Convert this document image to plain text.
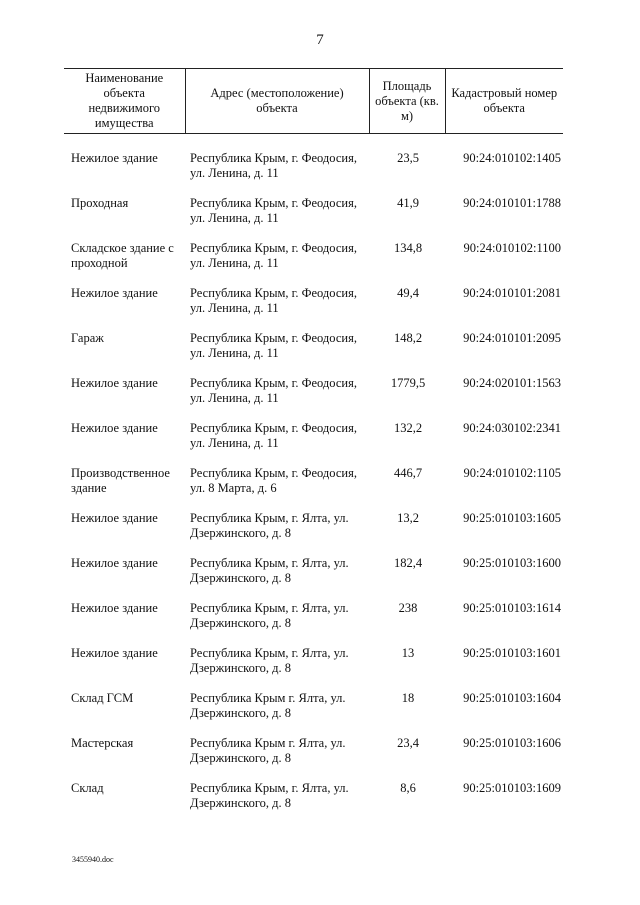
7
Наименование объекта недвижимого имущества	Адрес (местоположение) объекта	Площадь объекта (кв. м)	Кадастровый номер объекта
Нежилое здание	Республика Крым, г. Феодосия, ул. Ленина, д. 11	23,5	90:24:010102:1405
Проходная	Республика Крым, г. Феодосия, ул. Ленина, д. 11	41,9	90:24:010101:1788
Складское здание с проходной	Республика Крым, г. Феодосия, ул. Ленина, д. 11	134,8	90:24:010102:1100
Нежилое здание	Республика Крым, г. Феодосия, ул. Ленина, д. 11	49,4	90:24:010101:2081
Гараж	Республика Крым, г. Феодосия, ул. Ленина, д. 11	148,2	90:24:010101:2095
Нежилое здание	Республика Крым, г. Феодосия, ул. Ленина, д. 11	1779,5	90:24:020101:1563
Нежилое здание	Республика Крым, г. Феодосия, ул. Ленина, д. 11	132,2	90:24:030102:2341
Производственное здание	Республика Крым, г. Феодосия, ул. 8 Марта, д. 6	446,7	90:24:010102:1105
Нежилое здание	Республика Крым, г. Ялта, ул. Дзержинского, д. 8	13,2	90:25:010103:1605
Нежилое здание	Республика Крым, г. Ялта, ул. Дзержинского, д. 8	182,4	90:25:010103:1600
Нежилое здание	Республика Крым, г. Ялта, ул. Дзержинского, д. 8	238	90:25:010103:1614
Нежилое здание	Республика Крым, г. Ялта, ул. Дзержинского, д. 8	13	90:25:010103:1601
Склад ГСМ	Республика Крым г. Ялта, ул. Дзержинского, д. 8	18	90:25:010103:1604
Мастерская	Республика Крым г. Ялта, ул. Дзержинского, д. 8	23,4	90:25:010103:1606
Склад	Республика Крым, г. Ялта, ул. Дзержинского, д. 8	8,6	90:25:010103:1609
3455940.doc
